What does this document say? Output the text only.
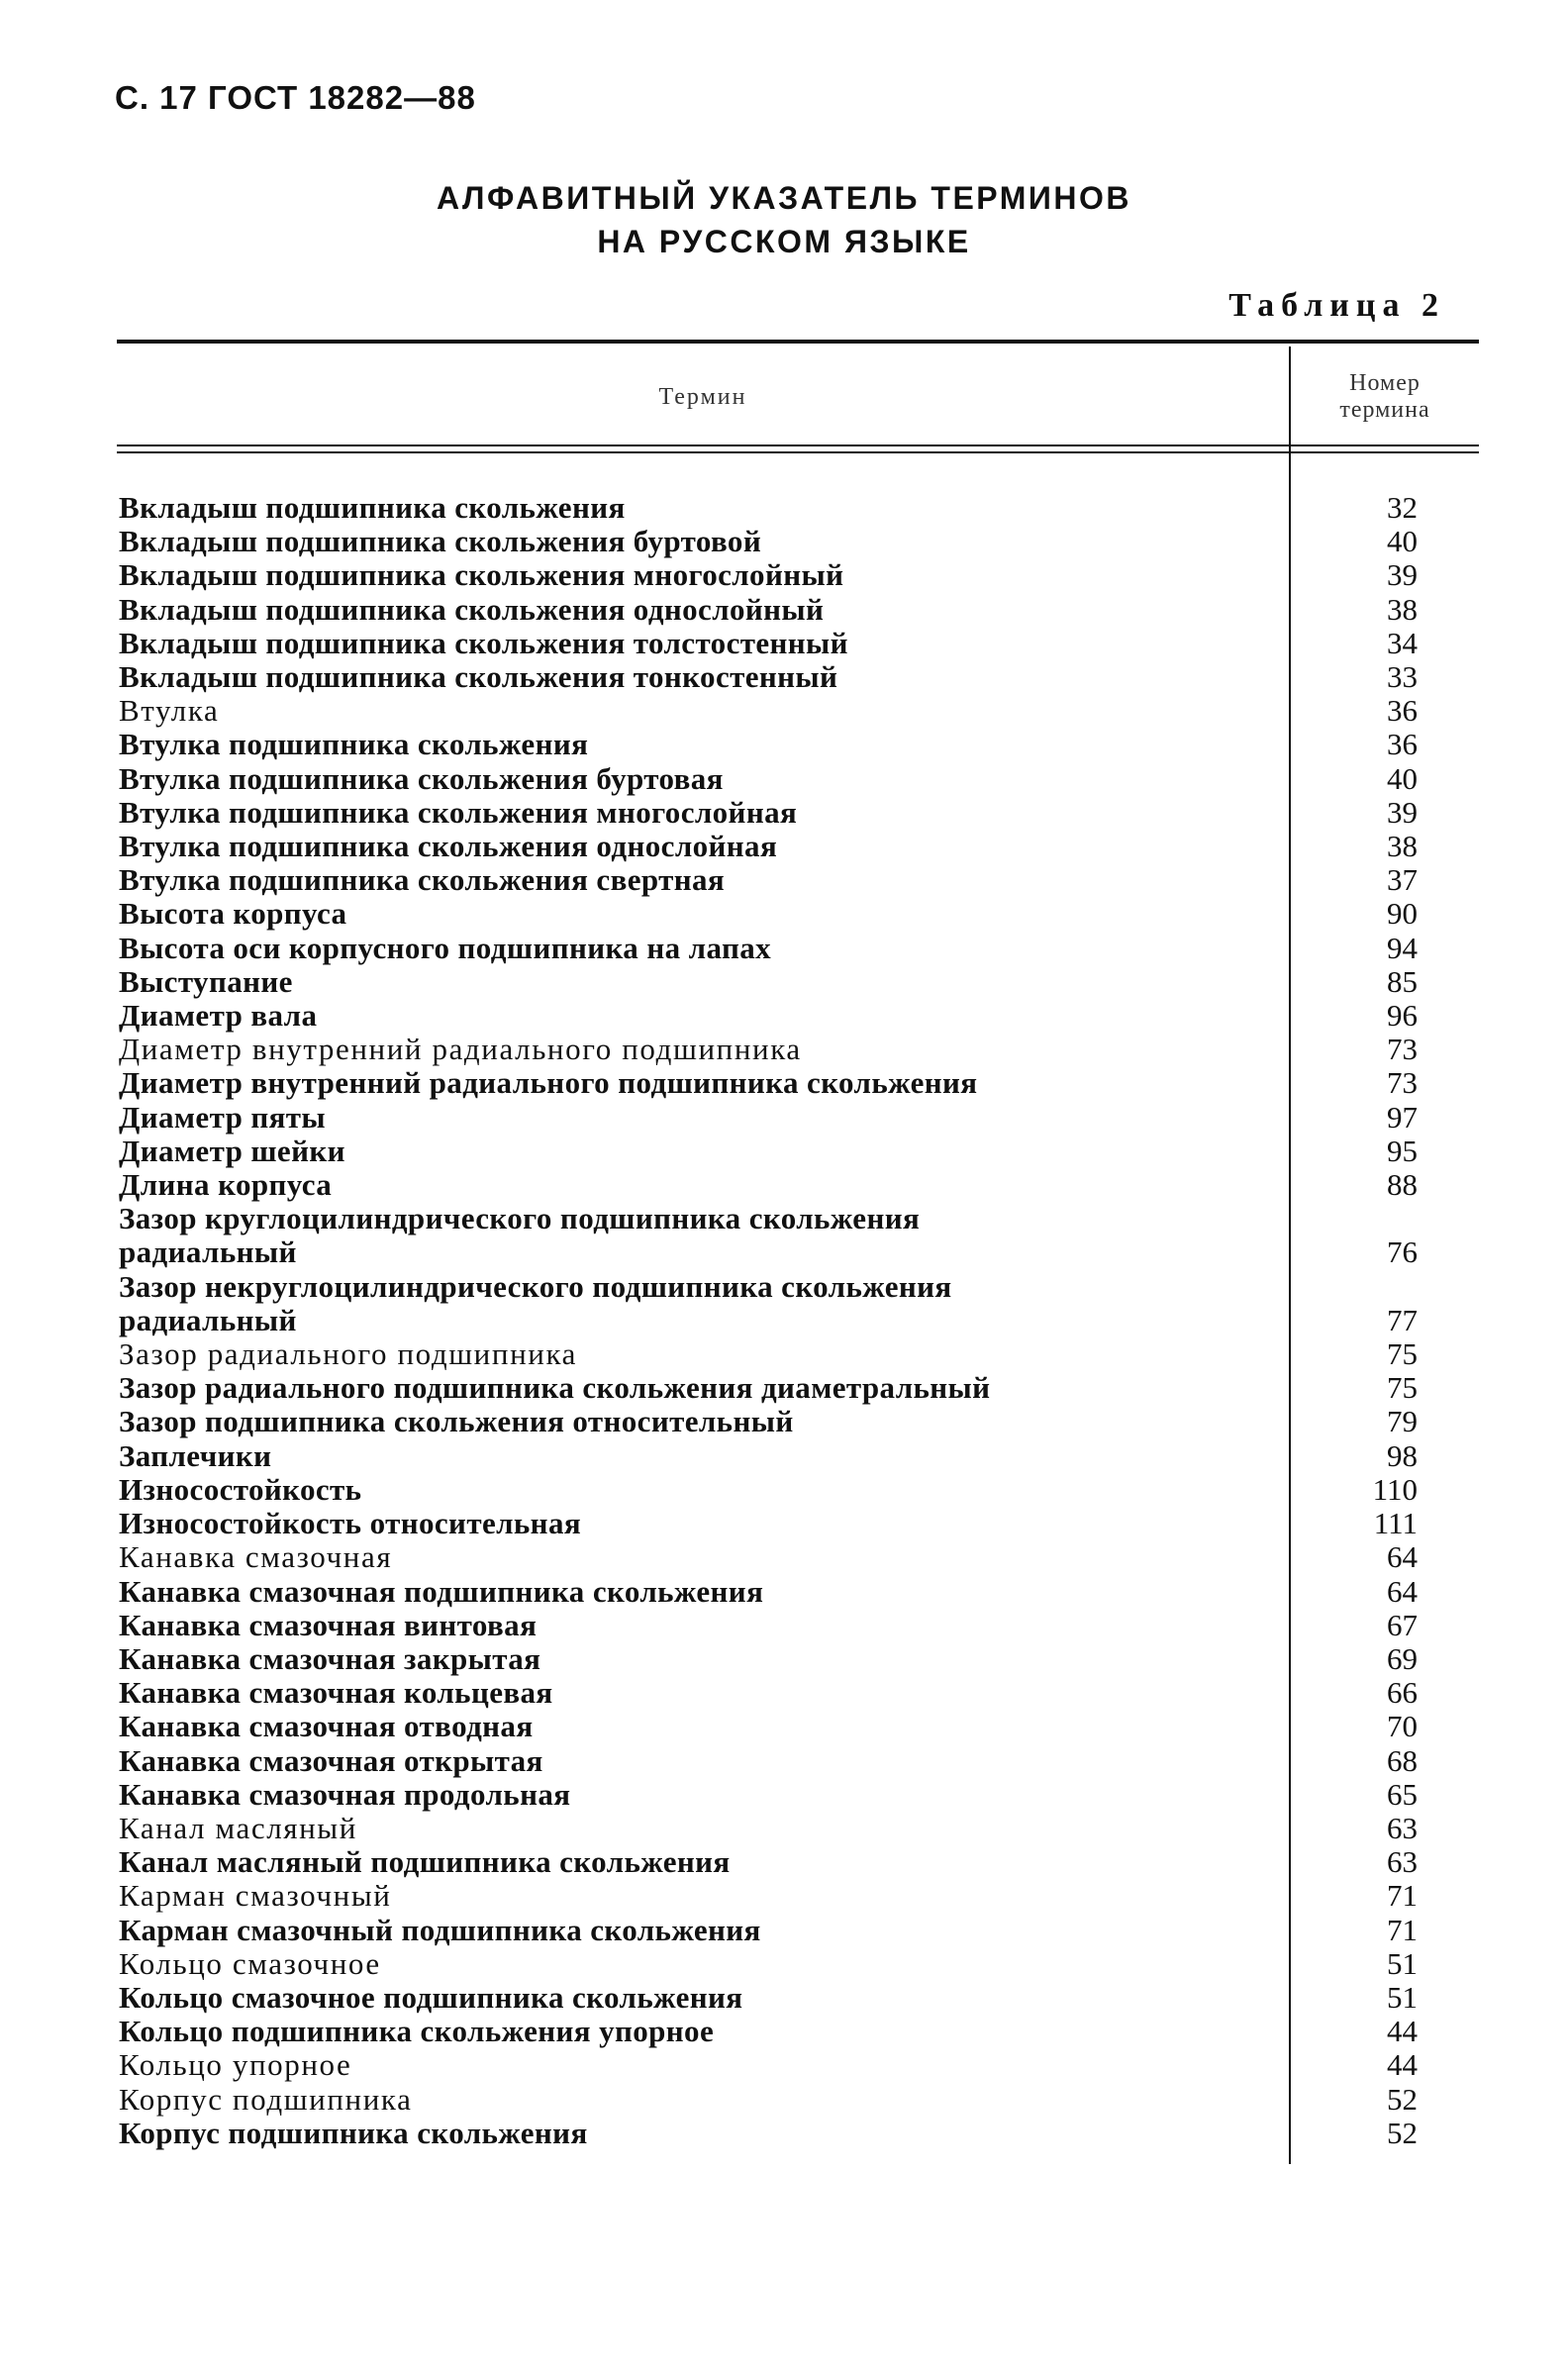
С. 17 ГОСТ 18282—88
АЛФАВИТНЫЙ УКАЗАТЕЛЬ ТЕРМИНОВ
НА РУССКОМ ЯЗЫКЕ
Таблица 2
Термин
Номер
термина
Вкладыш подшипника скольжения	32
Вкладыш подшипника скольжения буртовой	40
Вкладыш подшипника скольжения многослойный	39
Вкладыш подшипника скольжения однослойный	38
Вкладыш подшипника скольжения толстостенный	34
Вкладыш подшипника скольжения тонкостенный	33
Втулка	36
Втулка подшипника скольжения	36
Втулка подшипника скольжения буртовая	40
Втулка подшипника скольжения многослойная	39
Втулка подшипника скольжения однослойная	38
Втулка подшипника скольжения свертная	37
Высота корпуса	90
Высота оси корпусного подшипника на лапах	94
Выступание	85
Диаметр вала	96
Диаметр внутренний радиального подшипника	73
Диаметр внутренний радиального подшипника скольжения	73
Диаметр пяты	97
Диаметр шейки	95
Длина корпуса	88
Зазор круглоцилиндрического подшипника скольжения
радиальный	76
Зазор некруглоцилиндрического подшипника скольжения
радиальный	77
Зазор радиального подшипника	75
Зазор радиального подшипника скольжения диаметральный	75
Зазор подшипника скольжения относительный	79
Заплечики	98
Износостойкость	110
Износостойкость относительная	111
Канавка смазочная	64
Канавка смазочная подшипника скольжения	64
Канавка смазочная винтовая	67
Канавка смазочная закрытая	69
Канавка смазочная кольцевая	66
Канавка смазочная отводная	70
Канавка смазочная открытая	68
Канавка смазочная продольная	65
Канал масляный	63
Канал масляный подшипника скольжения	63
Карман смазочный	71
Карман смазочный подшипника скольжения	71
Кольцо смазочное	51
Кольцо смазочное подшипника скольжения	51
Кольцо подшипника скольжения упорное	44
Кольцо упорное	44
Корпус подшипника	52
Корпус подшипника скольжения	52
